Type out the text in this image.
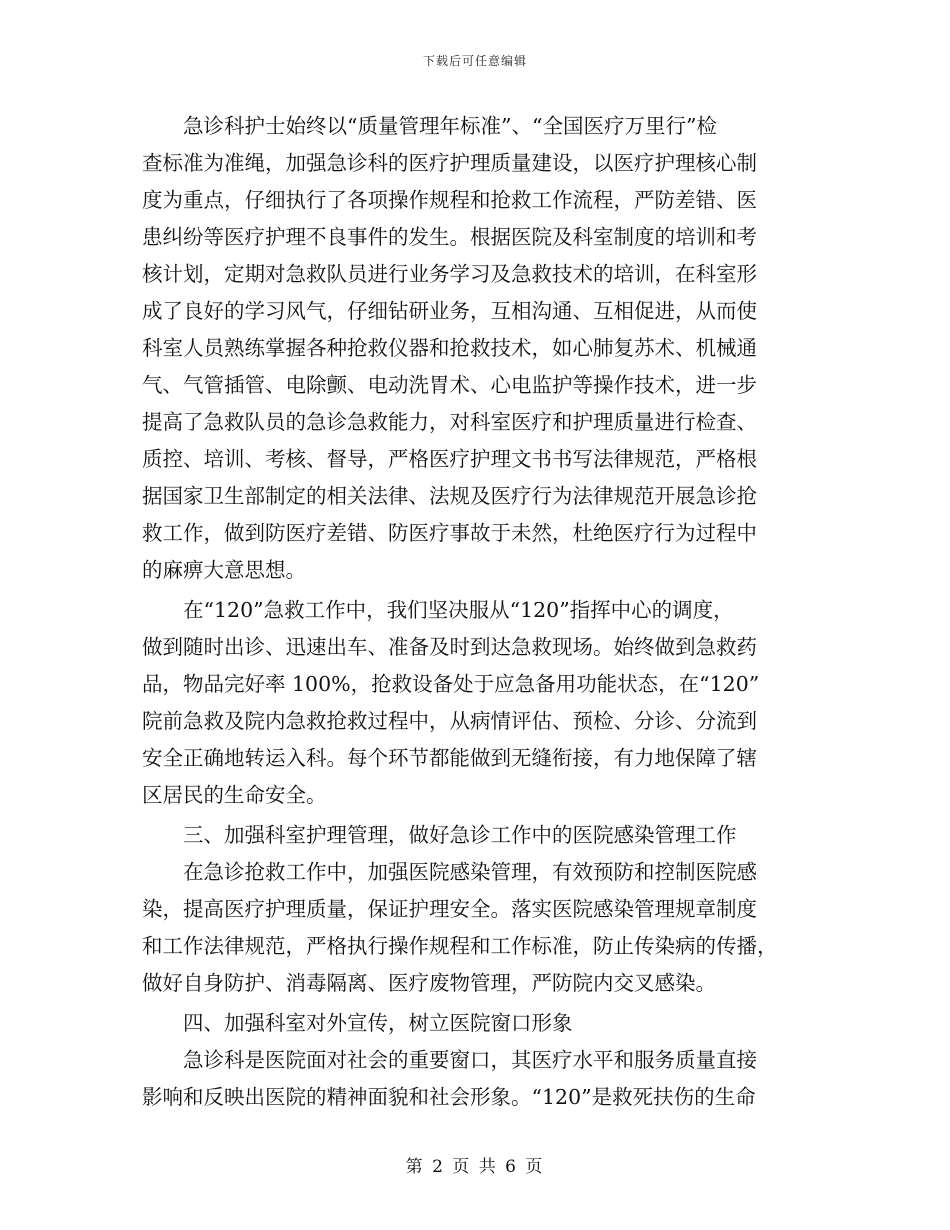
下载后可任意编辑
急诊科护士始终以“质量管理年标准”、“全国医疗万里行”检
查标准为准绳，加强急诊科的医疗护理质量建设，以医疗护理核心制
度为重点，仔细执行了各项操作规程和抢救工作流程，严防差错、医
患纠纷等医疗护理不良事件的发生。根据医院及科室制度的培训和考
核计划，定期对急救队员进行业务学习及急救技术的培训，在科室形
成了良好的学习风气，仔细钻研业务，互相沟通、互相促进，从而使
科室人员熟练掌握各种抢救仪器和抢救技术，如心肺复苏术、机械通
气、气管插管、电除颤、电动洗胃术、心电监护等操作技术，进一步
提高了急救队员的急诊急救能力，对科室医疗和护理质量进行检查、
质控、培训、考核、督导，严格医疗护理文书书写法律规范，严格根
据国家卫生部制定的相关法律、法规及医疗行为法律规范开展急诊抢
救工作，做到防医疗差错、防医疗事故于未然，杜绝医疗行为过程中
的麻痹大意思想。
在“120”急救工作中，我们坚决服从“120”指挥中心的调度，
做到随时出诊、迅速出车、准备及时到达急救现场。始终做到急救药
品，物品完好率 100%，抢救设备处于应急备用功能状态，在“120”
院前急救及院内急救抢救过程中，从病情评估、预检、分诊、分流到
安全正确地转运入科。每个环节都能做到无缝衔接，有力地保障了辖
区居民的生命安全。
三、加强科室护理管理，做好急诊工作中的医院感染管理工作
在急诊抢救工作中，加强医院感染管理，有效预防和控制医院感
染，提高医疗护理质量，保证护理安全。落实医院感染管理规章制度
和工作法律规范，严格执行操作规程和工作标准，防止传染病的传播，
做好自身防护、消毒隔离、医疗废物管理，严防院内交叉感染。
四、加强科室对外宣传，树立医院窗口形象
急诊科是医院面对社会的重要窗口，其医疗水平和服务质量直接
影响和反映出医院的精神面貌和社会形象。“120”是救死扶伤的生命
第 2 页 共 6 页
